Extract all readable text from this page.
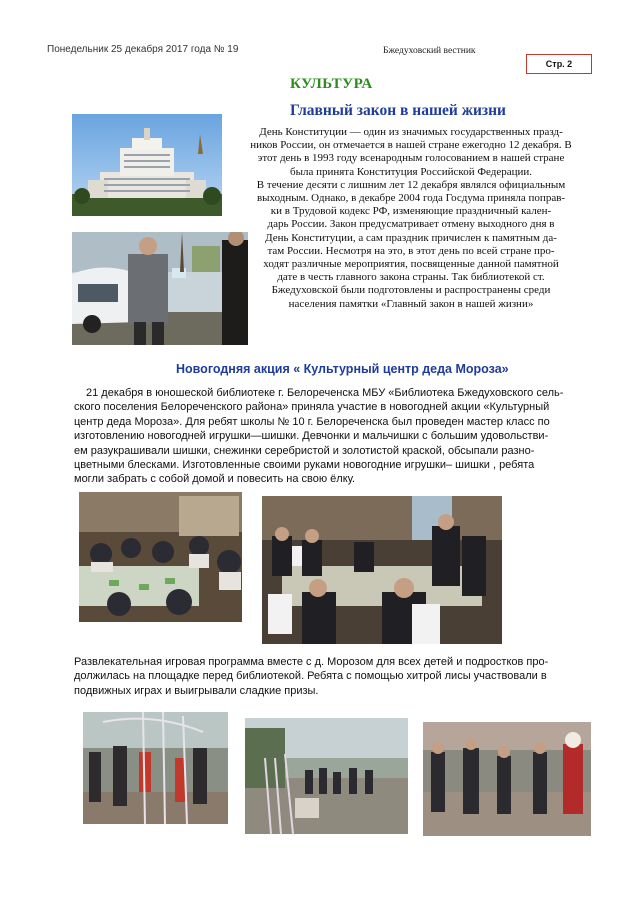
Понедельник 25 декабря 2017 года № 19	Бжедуховский вестник
Стр. 2
КУЛЬТУРА
Главный закон в нашей жизни
День Конституции — один из значимых государственных празд-
ников России, он отмечается в нашей стране ежегодно 12 декабря. В
этот день в 1993 году всенародным голосованием в нашей стране
была принята Конституция Российской Федерации.
В течение десяти с лишним лет 12 декабря являлся официальным
выходным. Однако, в декабре 2004 года Госдума приняла поправ-
ки в Трудовой кодекс РФ, изменяющие праздничный кален-
дарь России. Закон предусматривает отмену выходного дня в
День Конституции, а сам праздник причислен к памятным да-
там России. Несмотря на это, в этот день по всей стране про-
ходят различные мероприятия, посвященные данной памятной
дате в честь главного закона страны. Так библиотекой ст.
Бжедуховской были подготовлены и распространены среди
населения памятки «Главный закон в нашей жизни»
Новогодняя акция « Культурный центр деда Мороза»
21 декабря в юношеской библиотеке г. Белореченска МБУ «Библиотека Бжедуховского сель-
ского поселения Белореченского района» приняла участие в новогодней акции «Культурный
центр деда Мороза». Для ребят школы № 10 г. Белореченска был проведен мастер класс по
изготовлению новогодней игрушки—шишки. Девчонки и мальчишки с большим удовольстви-
ем разукрашивали шишки, снежинки серебристой и золотистой краской, обсыпали разно-
цветными блесками. Изготовленные своими руками новогодние игрушки– шишки , ребята
могли забрать с собой домой и повесить на свою ёлку.
Развлекательная игровая программа вместе с д. Морозом для всех детей и подростков про-
должилась на площадке перед библиотекой. Ребята с помощью хитрой лисы участвовали в
подвижных играх и выигрывали сладкие призы.
